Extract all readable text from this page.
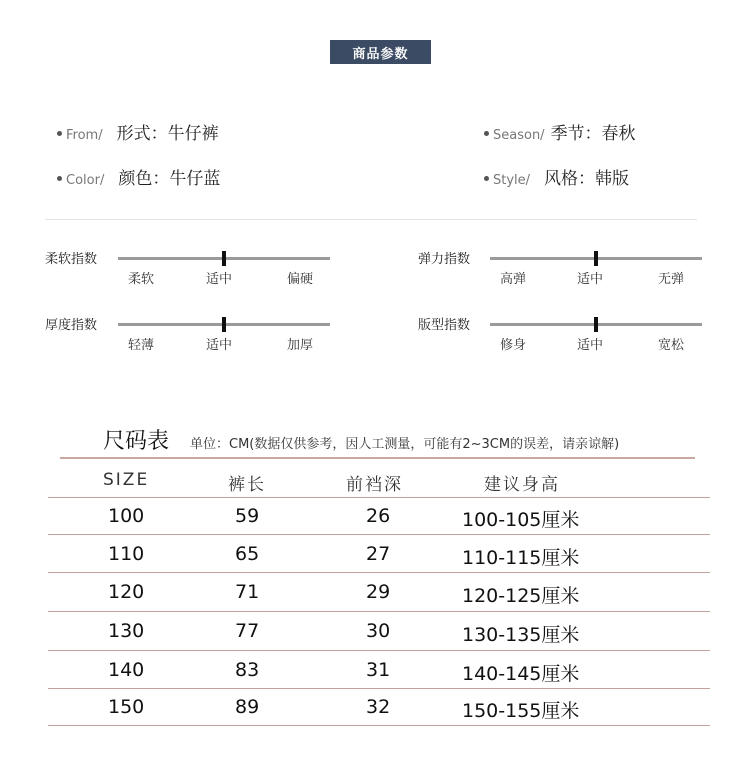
商品参数
From/ 形式：牛仔裤	Season/ 季节：春秋
Color/ 颜色：牛仔蓝	Style/ 风格：韩版
柔软指数
柔软	适中	偏硬
弹力指数
高弹	适中	无弹
厚度指数
轻薄	适中	加厚
版型指数
修身	适中	宽松
尺码表 单位：CM(数据仅供参考，因人工测量，可能有2~3CM的误差，请亲谅解)
SIZE	裤长	前裆深	建议身高
100	59	26	100-105厘米
110	65	27	110-115厘米
120	71	29	120-125厘米
130	77	30	130-135厘米
140	83	31	140-145厘米
150	89	32	150-155厘米
